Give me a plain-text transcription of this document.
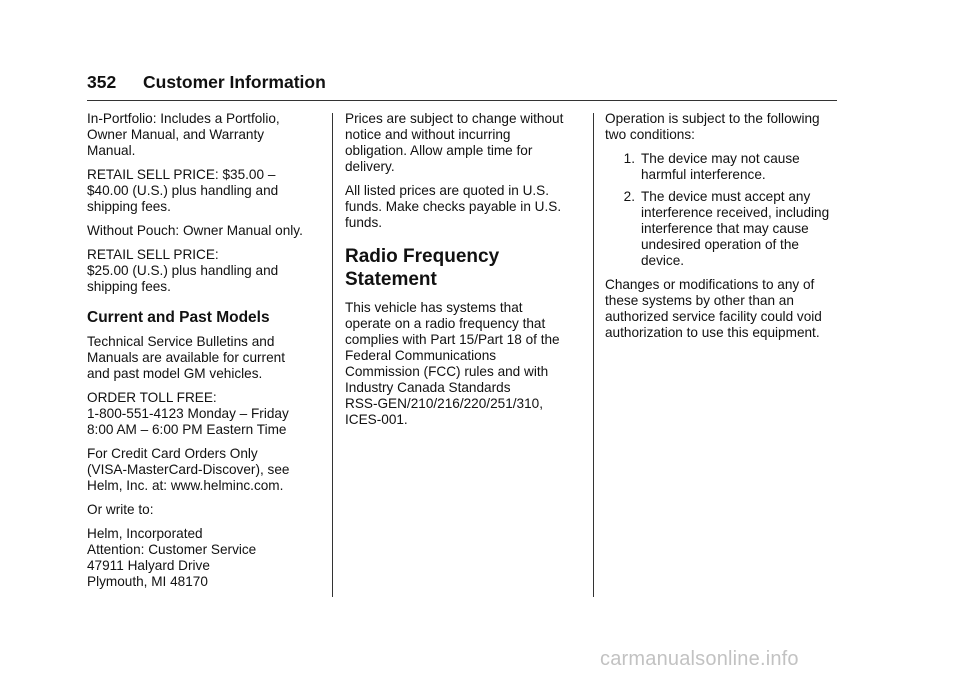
352 Customer Information

In-Portfolio: Includes a Portfolio,
Owner Manual, and Warranty
Manual.

RETAIL SELL PRICE: $35.00 –
$40.00 (U.S.) plus handling and
shipping fees.

Without Pouch: Owner Manual only.

RETAIL SELL PRICE:
$25.00 (U.S.) plus handling and
shipping fees.

Current and Past Models

Technical Service Bulletins and
Manuals are available for current
and past model GM vehicles.

ORDER TOLL FREE:
1-800-551-4123 Monday – Friday
8:00 AM – 6:00 PM Eastern Time

For Credit Card Orders Only
(VISA-MasterCard-Discover), see
Helm, Inc. at: www.helminc.com.

Or write to:

Helm, Incorporated
Attention: Customer Service
47911 Halyard Drive
Plymouth, MI 48170

Prices are subject to change without
notice and without incurring
obligation. Allow ample time for
delivery.

All listed prices are quoted in U.S.
funds. Make checks payable in U.S.
funds.

Radio Frequency
Statement

This vehicle has systems that
operate on a radio frequency that
complies with Part 15/Part 18 of the
Federal Communications
Commission (FCC) rules and with
Industry Canada Standards
RSS-GEN/210/216/220/251/310,
ICES-001.

Operation is subject to the following
two conditions:

1. The device may not cause
harmful interference.
2. The device must accept any
interference received, including
interference that may cause
undesired operation of the
device.

Changes or modifications to any of
these systems by other than an
authorized service facility could void
authorization to use this equipment.

carmanualsonline.info
